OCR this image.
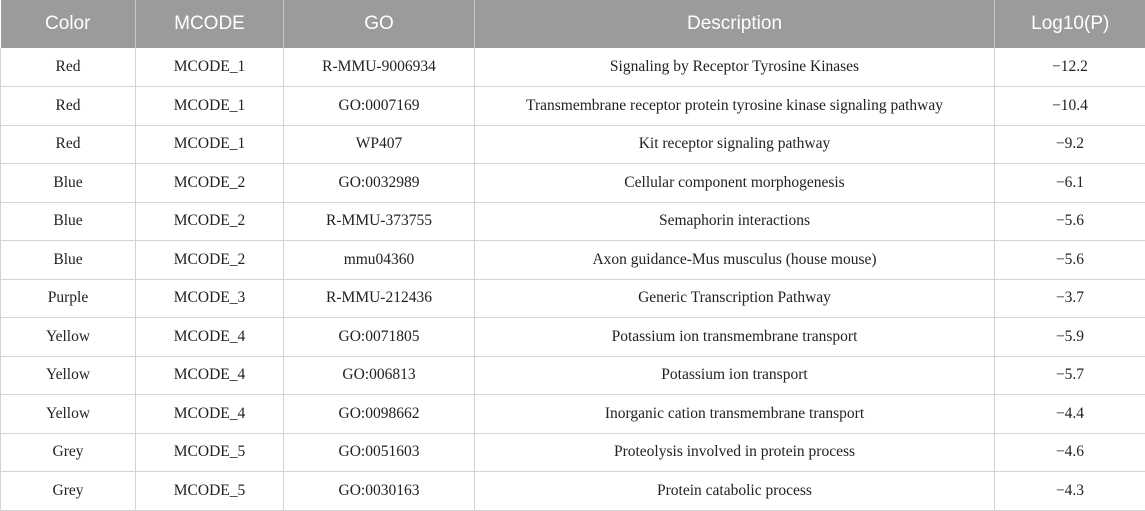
Color	MCODE	GO	Description	Log10(P)
Red	MCODE_1	R-MMU-9006934	Signaling by Receptor Tyrosine Kinases	−12.2
Red	MCODE_1	GO:0007169	Transmembrane receptor protein tyrosine kinase signaling pathway	−10.4
Red	MCODE_1	WP407	Kit receptor signaling pathway	−9.2
Blue	MCODE_2	GO:0032989	Cellular component morphogenesis	−6.1
Blue	MCODE_2	R-MMU-373755	Semaphorin interactions	−5.6
Blue	MCODE_2	mmu04360	Axon guidance-Mus musculus (house mouse)	−5.6
Purple	MCODE_3	R-MMU-212436	Generic Transcription Pathway	−3.7
Yellow	MCODE_4	GO:0071805	Potassium ion transmembrane transport	−5.9
Yellow	MCODE_4	GO:006813	Potassium ion transport	−5.7
Yellow	MCODE_4	GO:0098662	Inorganic cation transmembrane transport	−4.4
Grey	MCODE_5	GO:0051603	Proteolysis involved in protein process	−4.6
Grey	MCODE_5	GO:0030163	Protein catabolic process	−4.3
